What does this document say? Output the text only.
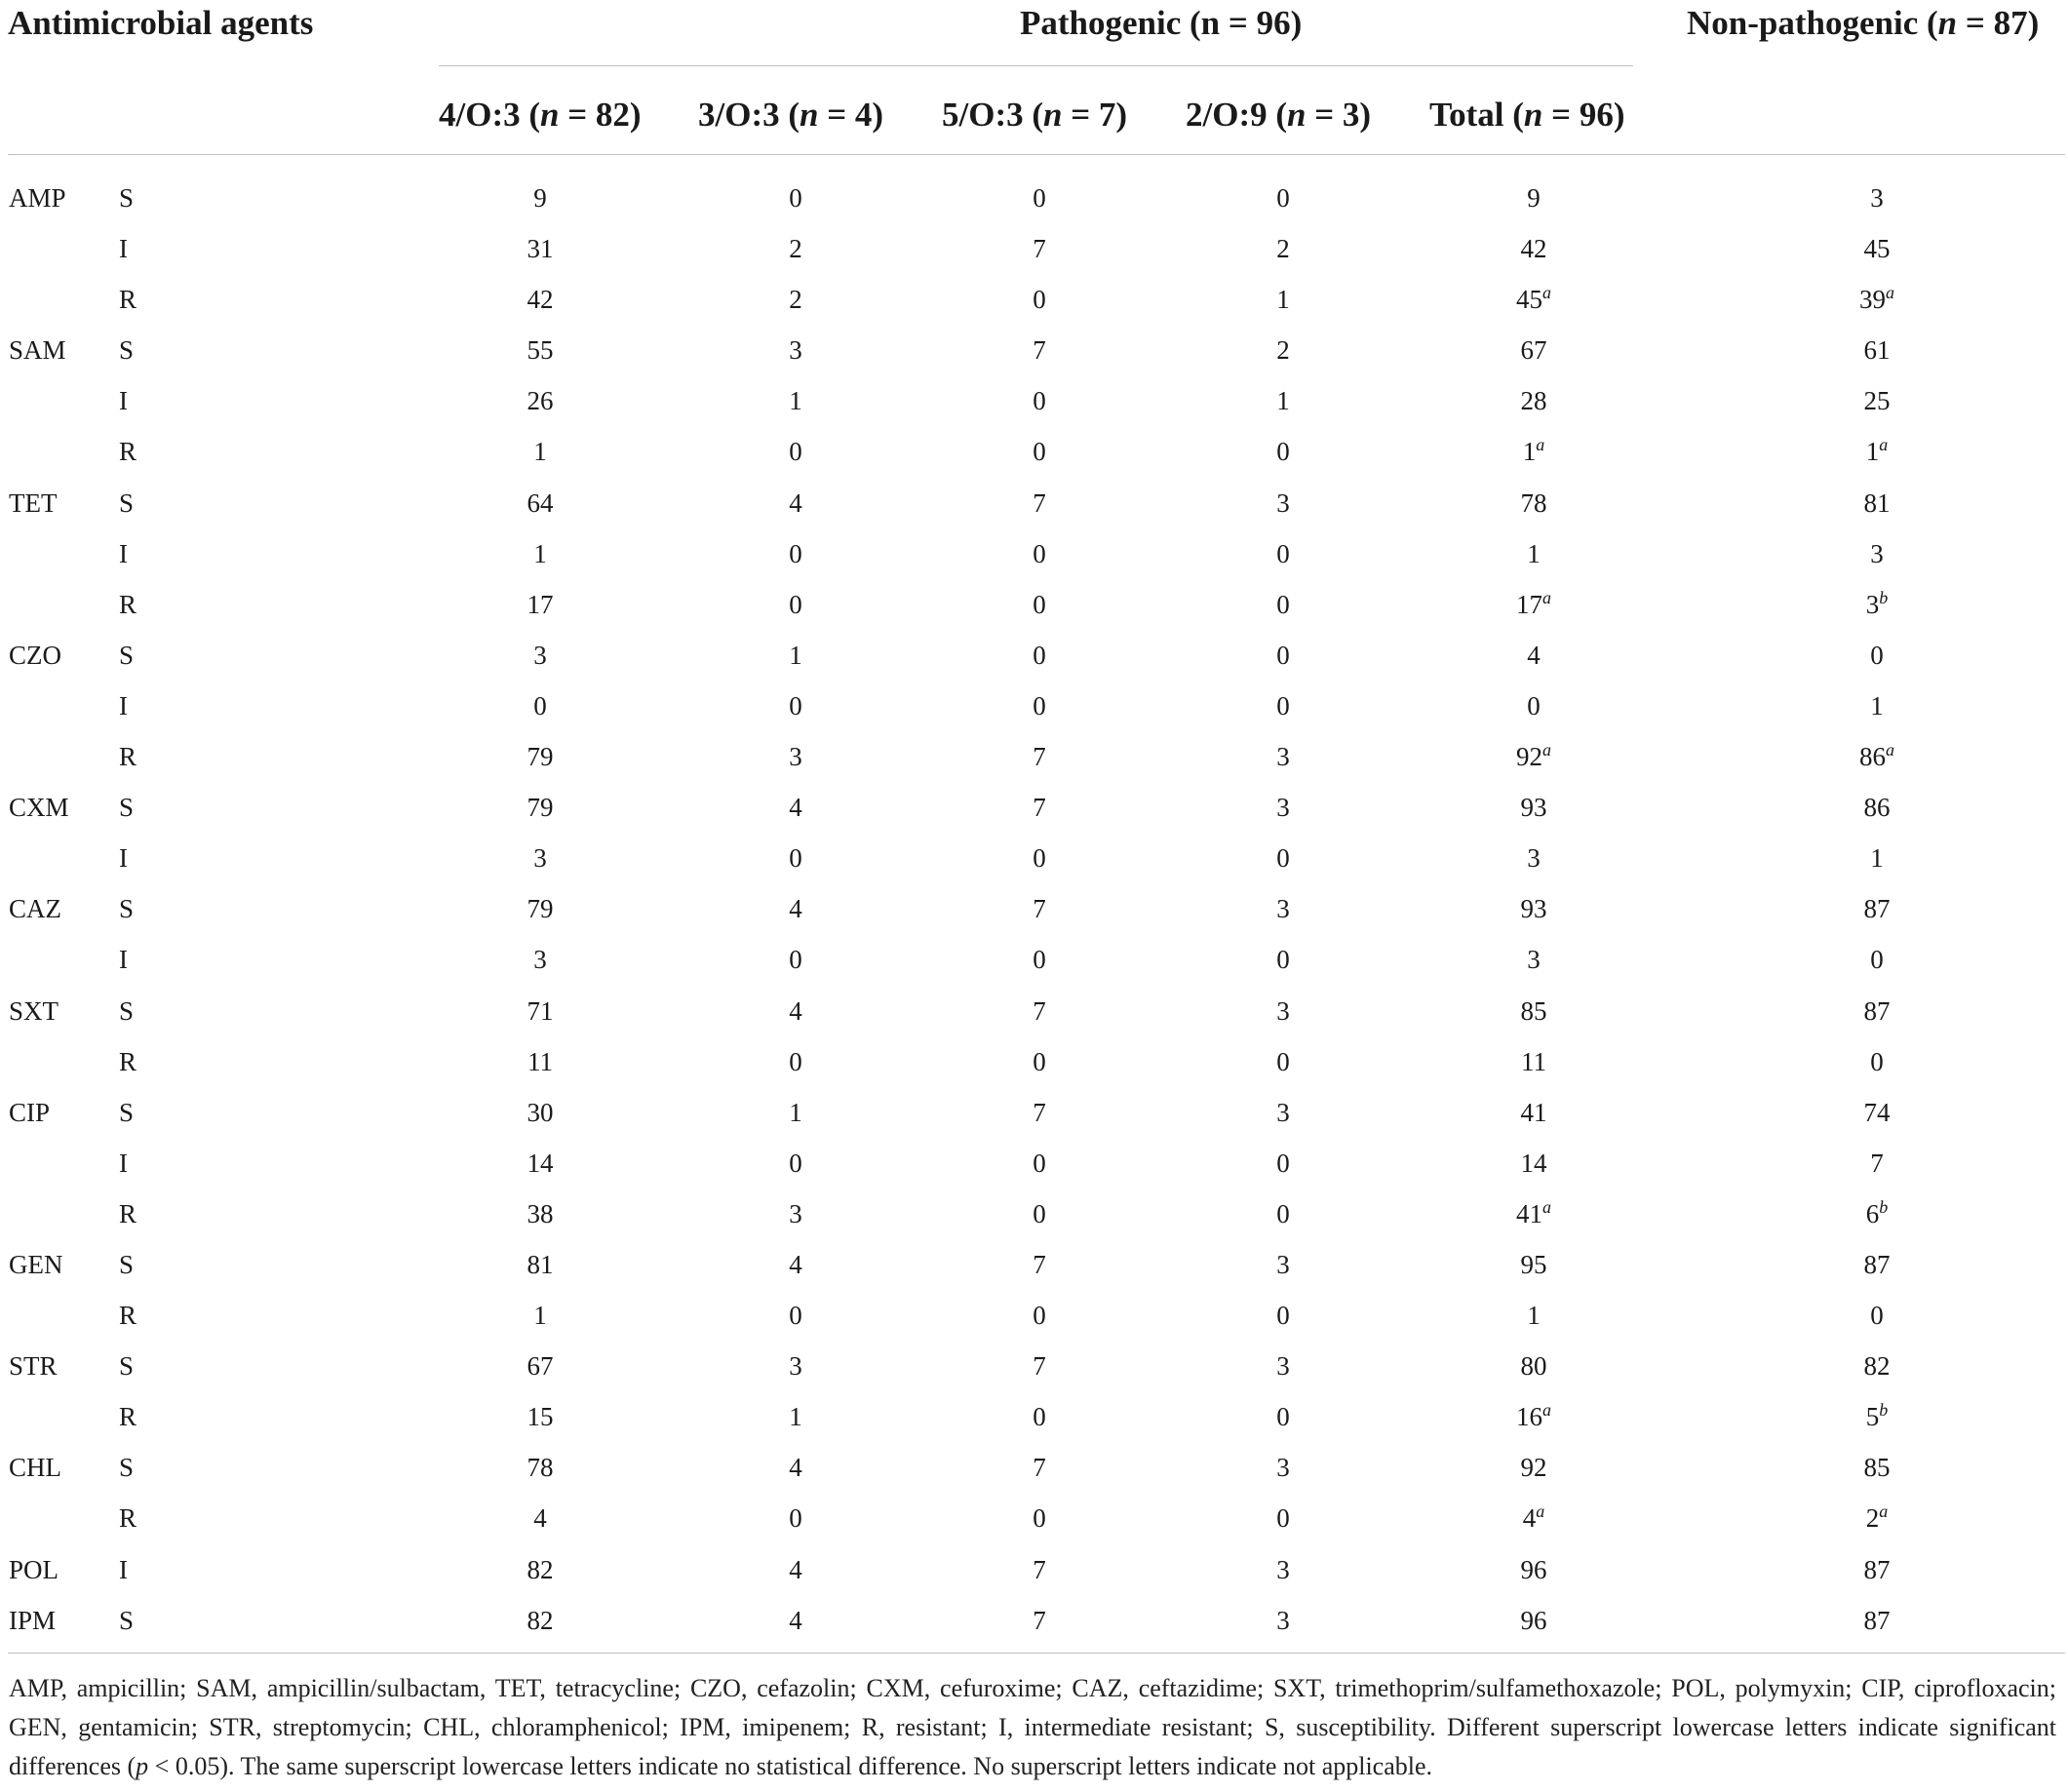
Antimicrobial agents	Pathogenic (n = 96)	Non-pathogenic (n = 87)
4/O:3 (n = 82) 3/O:3 (n = 4) 5/O:3 (n = 7) 2/O:9 (n = 3) Total (n = 96)
AMP S	9	0	0	0	9	3
I	31	2	7	2	42	45
R	42	2	0	1	45$^a$	39$^a$
SAM S	55	3	7	2	67	61
I	26	1	0	1	28	25
R	1	0	0	0	1$^a$	1$^a$
TET S	64	4	7	3	78	81
I	1	0	0	0	1	3
R	17	0	0	0	17$^a$	3$^b$
CZO S	3	1	0	0	4	0
I	0	0	0	0	0	1
R	79	3	7	3	92$^a$	86$^a$
CXM S	79	4	7	3	93	86
I	3	0	0	0	3	1
CAZ S	79	4	7	3	93	87
I	3	0	0	0	3	0
SXT S	71	4	7	3	85	87
R	11	0	0	0	11	0
CIP	S	30	1	7	3	41	74
I	14	0	0	0	14	7
R	38	3	0	0	41$^a$	6$^b$
GEN S	81	4	7	3	95	87
R	1	0	0	0	1	0
STR S	67	3	7	3	80	82
R	15	1	0	0	16$^a$	5$^b$
CHL S	78	4	7	3	92	85
R	4	0	0	0	4$^a$	2$^a$
POL I	82	4	7	3	96	87
IPM S	82	4	7	3	96	87
AMP, ampicillin; SAM, ampicillin/sulbactam, TET, tetracycline; CZO, cefazolin; CXM, cefuroxime; CAZ, ceftazidime; SXT, trimethoprim/sulfamethoxazole; POL, polymyxin; CIP, ciprofloxacin; GEN, gentamicin; STR, streptomycin; CHL, chloramphenicol; IPM, imipenem; R, resistant; I, intermediate resistant; S, susceptibility. Different superscript lowercase letters indicate significant differences (p < 0.05). The same superscript lowercase letters indicate no statistical difference. No superscript letters indicate not applicable.
